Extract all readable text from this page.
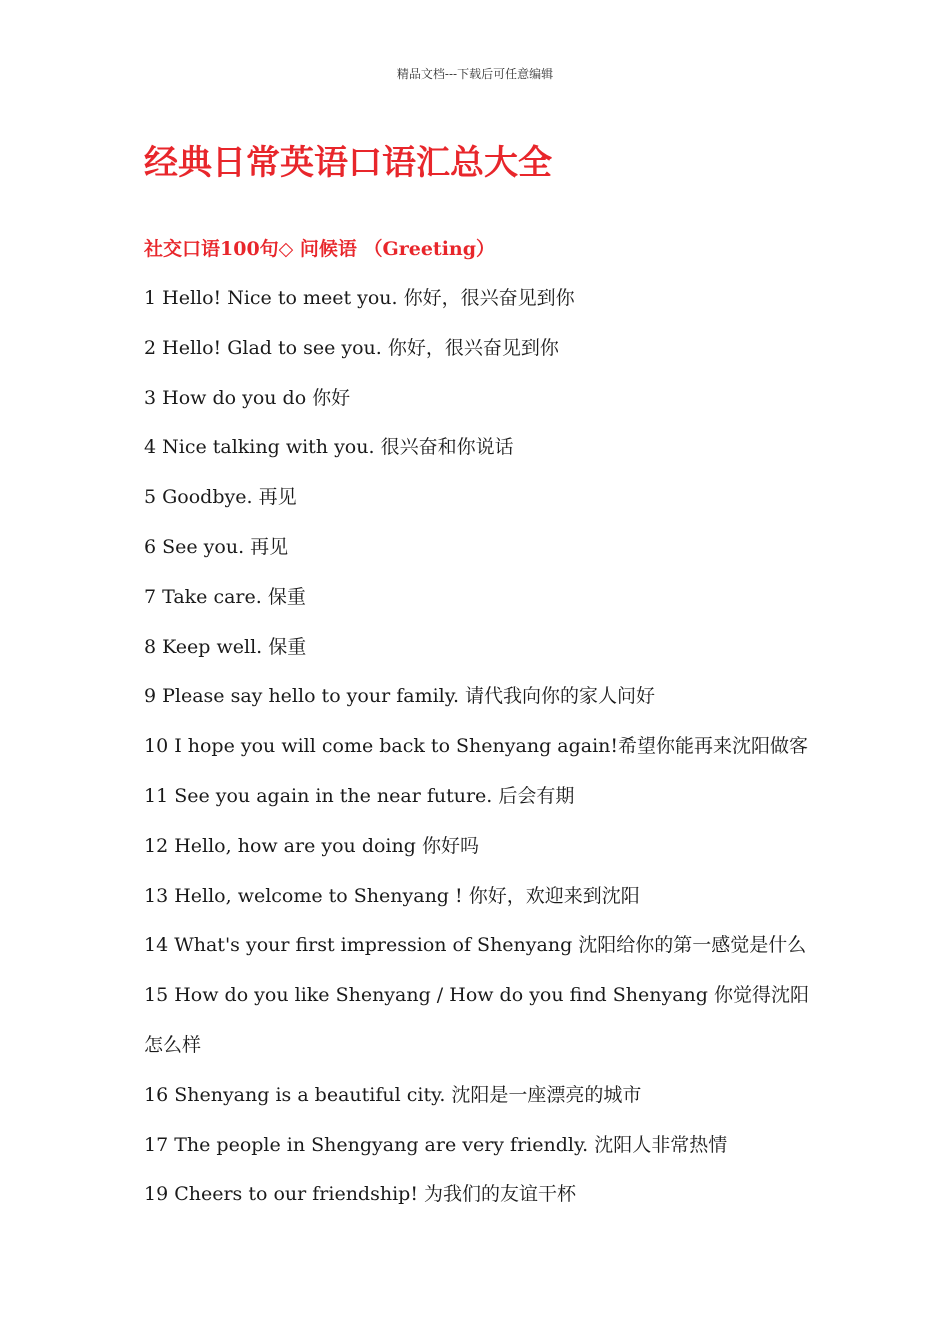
精品文档---下载后可任意编辑
经典日常英语口语汇总大全
社交口语100句◇ 问候语 （Greeting）
1 Hello! Nice to meet you. 你好，很兴奋见到你
2 Hello! Glad to see you. 你好，很兴奋见到你
3 How do you do 你好
4 Nice talking with you. 很兴奋和你说话
5 Goodbye. 再见
6 See you. 再见
7 Take care. 保重
8 Keep well. 保重
9 Please say hello to your family. 请代我向你的家人问好
10 I hope you will come back to Shenyang again!希望你能再来沈阳做客
11 See you again in the near future. 后会有期
12 Hello, how are you doing 你好吗
13 Hello, welcome to Shenyang ! 你好，欢迎来到沈阳
14 What's your first impression of Shenyang 沈阳给你的第一感觉是什么
15 How do you like Shenyang / How do you find Shenyang 你觉得沈阳
怎么样
16 Shenyang is a beautiful city. 沈阳是一座漂亮的城市
17 The people in Shengyang are very friendly. 沈阳人非常热情
19 Cheers to our friendship! 为我们的友谊干杯
